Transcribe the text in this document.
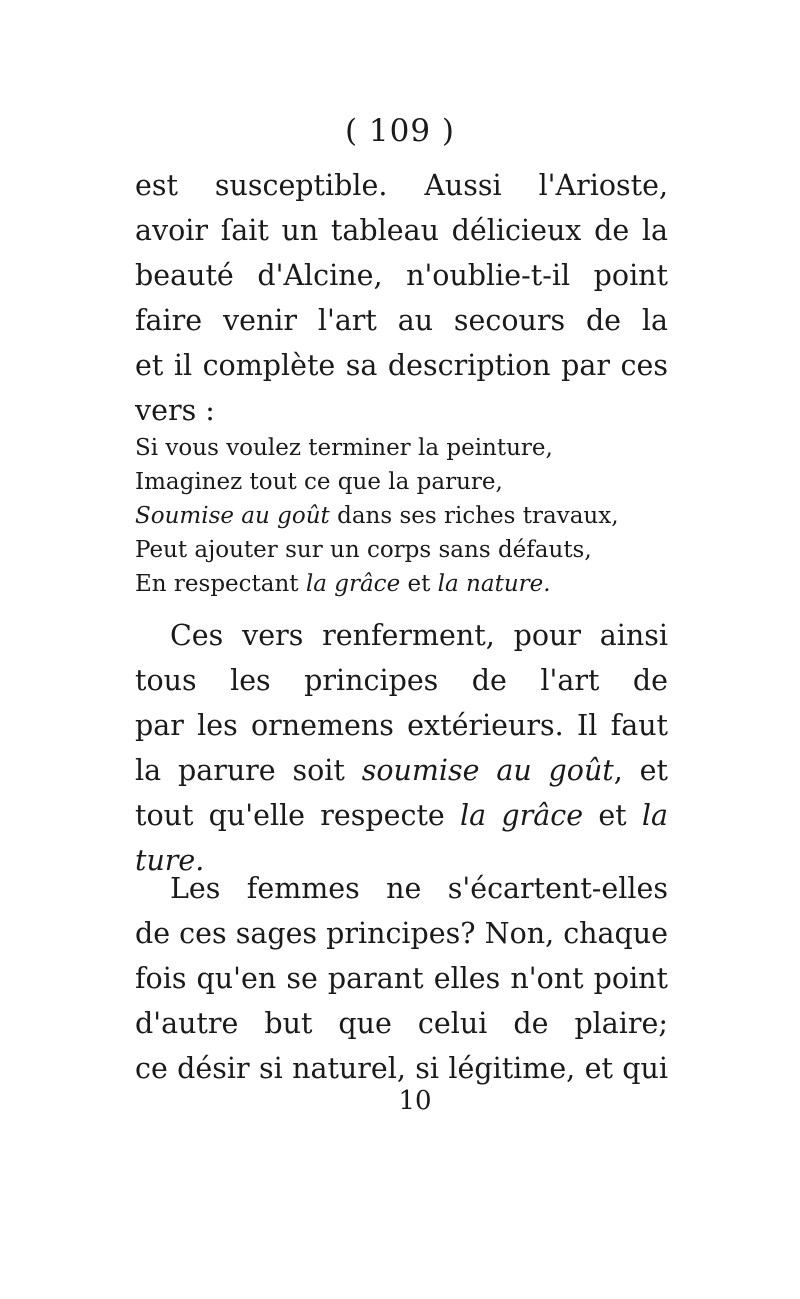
( 109 )
est susceptible. Aussi l'Arioste,
avoir ſait un tableau délicieux de la
beauté d'Alcine, n'oublie-t-il point
faire venir l'art au secours de la
et il complète sa description par ces
vers :
Si vous voulez terminer la peinture,
Imaginez tout ce que la parure,
Soumise au goût dans ses riches travaux,
Peut ajouter sur un corps sans défauts,
En respectant la grâce et la nature.
Ces vers renferment, pour ainsi
tous les principes de l'art de
par les ornemens extérieurs. Il faut
la parure soit soumise au goût, et
tout qu'elle respecte la grâce et la
ture.
Les femmes ne s'écartent-elles
de ces sages principes? Non, chaque
fois qu'en se parant elles n'ont point
d'autre but que celui de plaire;
ce désir si naturel, si légitime, et qui
10
